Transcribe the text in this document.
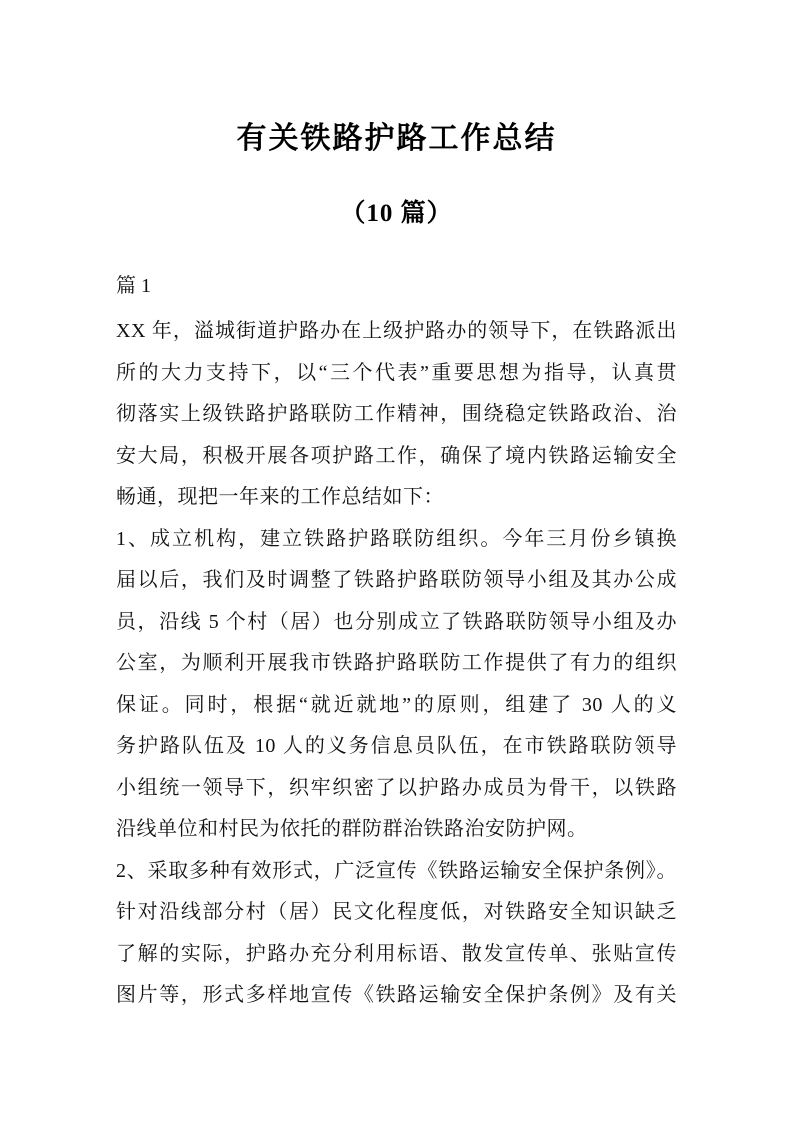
有关铁路护路工作总结
（10 篇）
篇 1
XX 年，溢城街道护路办在上级护路办的领导下，在铁路派出
所的大力支持下，以“三个代表”重要思想为指导，认真贯
彻落实上级铁路护路联防工作精神，围绕稳定铁路政治、治
安大局，积极开展各项护路工作，确保了境内铁路运输安全
畅通，现把一年来的工作总结如下：
1、成立机构，建立铁路护路联防组织。今年三月份乡镇换
届以后，我们及时调整了铁路护路联防领导小组及其办公成
员，沿线 5 个村（居）也分别成立了铁路联防领导小组及办
公室，为顺利开展我市铁路护路联防工作提供了有力的组织
保证。同时，根据“就近就地”的原则，组建了 30 人的义
务护路队伍及 10 人的义务信息员队伍，在市铁路联防领导
小组统一领导下，织牢织密了以护路办成员为骨干，以铁路
沿线单位和村民为依托的群防群治铁路治安防护网。
2、采取多种有效形式，广泛宣传《铁路运输安全保护条例》。
针对沿线部分村（居）民文化程度低，对铁路安全知识缺乏
了解的实际，护路办充分利用标语、散发宣传单、张贴宣传
图片等，形式多样地宣传《铁路运输安全保护条例》及有关
